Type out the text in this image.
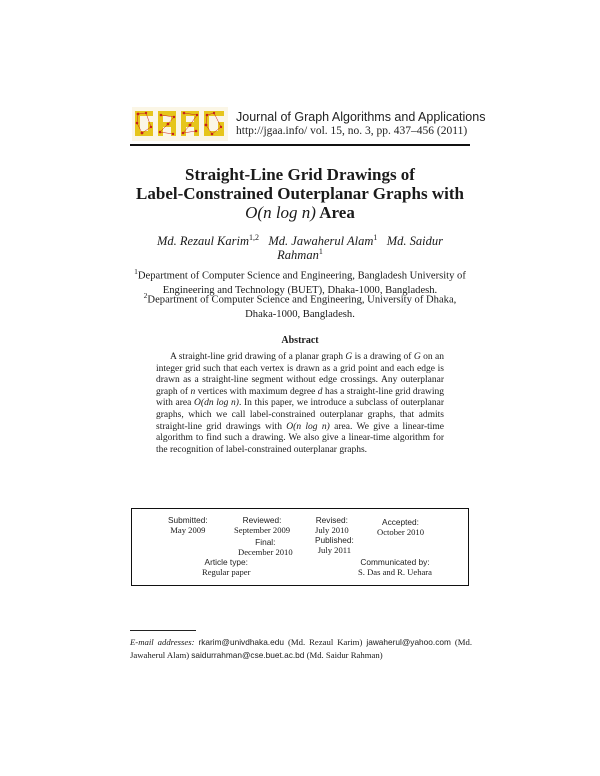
Journal of Graph Algorithms and Applications
http://jgaa.info/ vol. 15, no. 3, pp. 437–456 (2011)
Straight-Line Grid Drawings of
Label-Constrained Outerplanar Graphs with
O(n log n) Area
Md. Rezaul Karim$^{1,2}$ Md. Jawaherul Alam$^1$ Md. Saidur
Rahman$^1$
$^1$Department of Computer Science and Engineering, Bangladesh University of
Engineering and Technology (BUET), Dhaka-1000, Bangladesh.
$^2$Department of Computer Science and Engineering, University of Dhaka,
Dhaka-1000, Bangladesh.
Abstract
A straight-line grid drawing of a planar graph G is a drawing of G on an integer grid such that each vertex is drawn as a grid point and each edge is drawn as a straight-line segment without edge crossings. Any outerplanar graph of n vertices with maximum degree d has a straight-line grid drawing with area O(dn log n). In this paper, we introduce a subclass of outerplanar graphs, which we call label-constrained outerplanar graphs, that admits straight-line grid drawings with O(n log n) area. We give a linear-time algorithm to find such a drawing. We also give a linear-time algorithm for the recognition of label-constrained outerplanar graphs.
Submitted:
May 2009
Reviewed:
September 2009
Revised:
July 2010
Accepted:
October 2010
Final:
December 2010
Published:
July 2011
Article type:
Regular paper
Communicated by:
S. Das and R. Uehara
E-mail addresses: rkarim@univdhaka.edu (Md. Rezaul Karim) jawaherul@yahoo.com (Md. Jawaherul Alam) saidurrahman@cse.buet.ac.bd (Md. Saidur Rahman)
